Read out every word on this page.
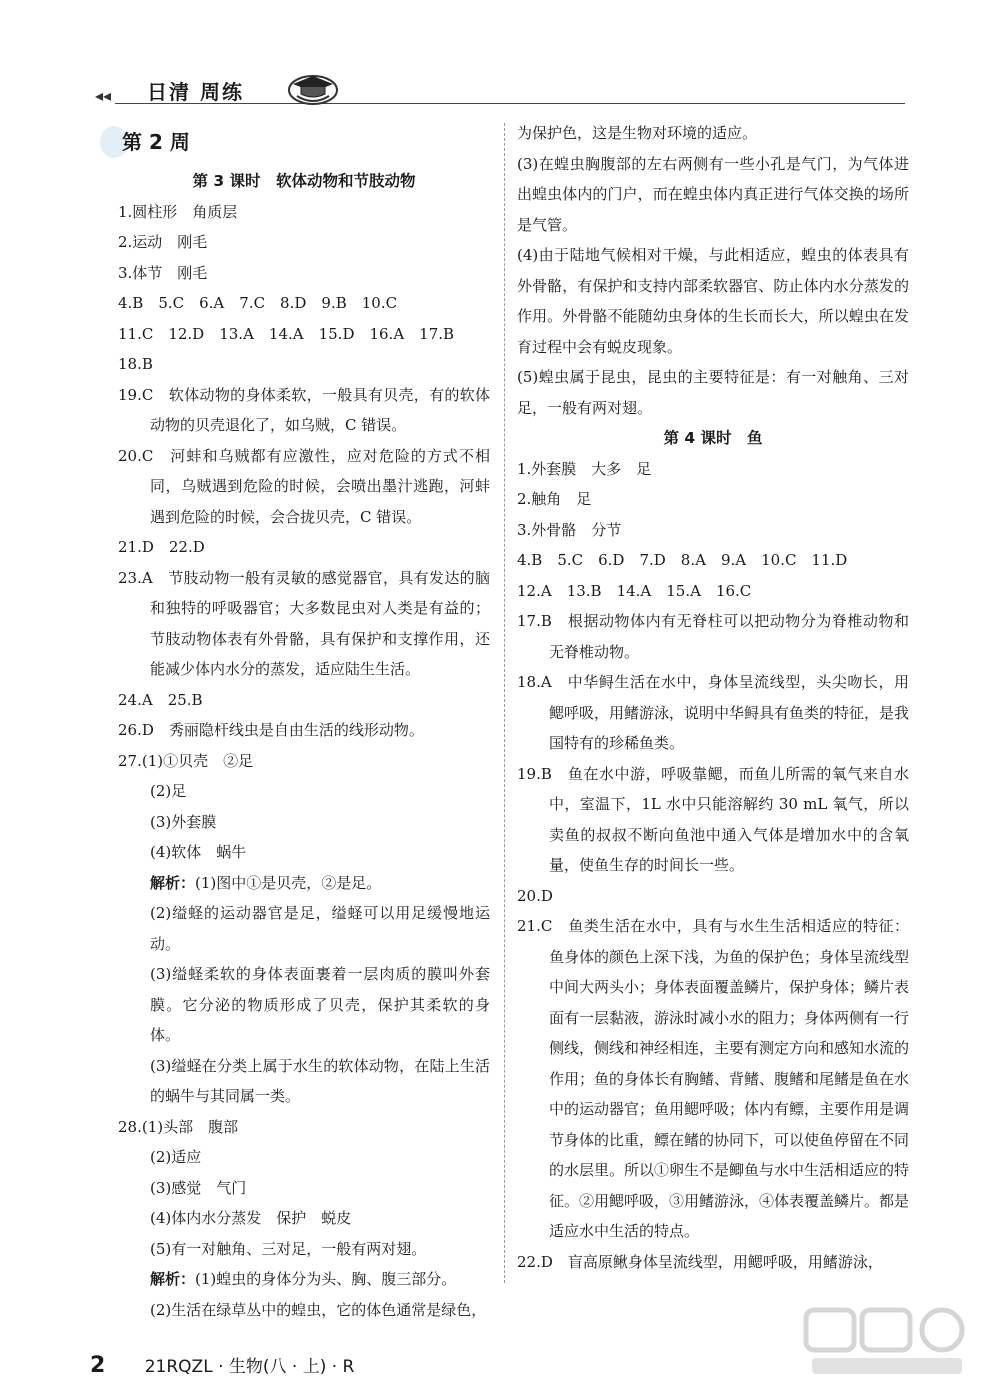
◂◂ 日清 周练
第 2 周
第 3 课时　软体动物和节肢动物
1.圆柱形　角质层
2.运动　刚毛
3.体节　刚毛
4.B　5.C　6.A　7.C　8.D　9.B　10.C
11.C　12.D　13.A　14.A　15.D　16.A　17.B
18.B
19.C　软体动物的身体柔软，一般具有贝壳，有的软体动物的贝壳退化了，如乌贼，C 错误。
20.C　河蚌和乌贼都有应激性，应对危险的方式不相同，乌贼遇到危险的时候，会喷出墨汁逃跑，河蚌遇到危险的时候，会合拢贝壳，C 错误。
21.D　22.D
23.A　节肢动物一般有灵敏的感觉器官，具有发达的脑和独特的呼吸器官；大多数昆虫对人类是有益的；节肢动物体表有外骨骼，具有保护和支撑作用，还能减少体内水分的蒸发，适应陆生生活。
24.A　25.B
26.D　秀丽隐杆线虫是自由生活的线形动物。
27.(1)①贝壳　②足
(2)足
(3)外套膜
(4)软体　蜗牛
解析：(1)图中①是贝壳，②是足。
(2)缢蛏的运动器官是足，缢蛏可以用足缓慢地运动。
(3)缢蛏柔软的身体表面裹着一层肉质的膜叫外套膜。它分泌的物质形成了贝壳，保护其柔软的身体。
(3)缢蛏在分类上属于水生的软体动物，在陆上生活的蜗牛与其同属一类。
28.(1)头部　腹部
(2)适应
(3)感觉　气门
(4)体内水分蒸发　保护　蜕皮
(5)有一对触角、三对足，一般有两对翅。
解析：(1)蝗虫的身体分为头、胸、腹三部分。
(2)生活在绿草丛中的蝗虫，它的体色通常是绿色，
为保护色，这是生物对环境的适应。
(3)在蝗虫胸腹部的左右两侧有一些小孔是气门，为气体进出蝗虫体内的门户，而在蝗虫体内真正进行气体交换的场所是气管。
(4)由于陆地气候相对干燥，与此相适应，蝗虫的体表具有外骨骼，有保护和支持内部柔软器官、防止体内水分蒸发的作用。外骨骼不能随幼虫身体的生长而长大，所以蝗虫在发育过程中会有蜕皮现象。
(5)蝗虫属于昆虫，昆虫的主要特征是：有一对触角、三对足，一般有两对翅。
第 4 课时　鱼
1.外套膜　大多　足
2.触角　足
3.外骨骼　分节
4.B　5.C　6.D　7.D　8.A　9.A　10.C　11.D
12.A　13.B　14.A　15.A　16.C
17.B　根据动物体内有无脊柱可以把动物分为脊椎动物和无脊椎动物。
18.A　中华鲟生活在水中，身体呈流线型，头尖吻长，用鳃呼吸，用鳍游泳，说明中华鲟具有鱼类的特征，是我国特有的珍稀鱼类。
19.B　鱼在水中游，呼吸靠鳃，而鱼儿所需的氧气来自水中，室温下，1L 水中只能溶解约 30 mL 氧气，所以卖鱼的叔叔不断向鱼池中通入气体是增加水中的含氧量，使鱼生存的时间长一些。
20.D
21.C　鱼类生活在水中，具有与水生生活相适应的特征：鱼身体的颜色上深下浅，为鱼的保护色；身体呈流线型中间大两头小；身体表面覆盖鳞片，保护身体；鳞片表面有一层黏液，游泳时减小水的阻力；身体两侧有一行侧线，侧线和神经相连，主要有测定方向和感知水流的作用；鱼的身体长有胸鳍、背鳍、腹鳍和尾鳍是鱼在水中的运动器官；鱼用鳃呼吸；体内有鳔，主要作用是调节身体的比重，鳔在鳍的协同下，可以使鱼停留在不同的水层里。所以①卵生不是鲫鱼与水中生活相适应的特征。②用鳃呼吸，③用鳍游泳，④体表覆盖鳞片。都是适应水中生活的特点。
22.D　盲高原鳅身体呈流线型，用鳃呼吸，用鳍游泳，
2 21RQZL · 生物(八 · 上) · R
